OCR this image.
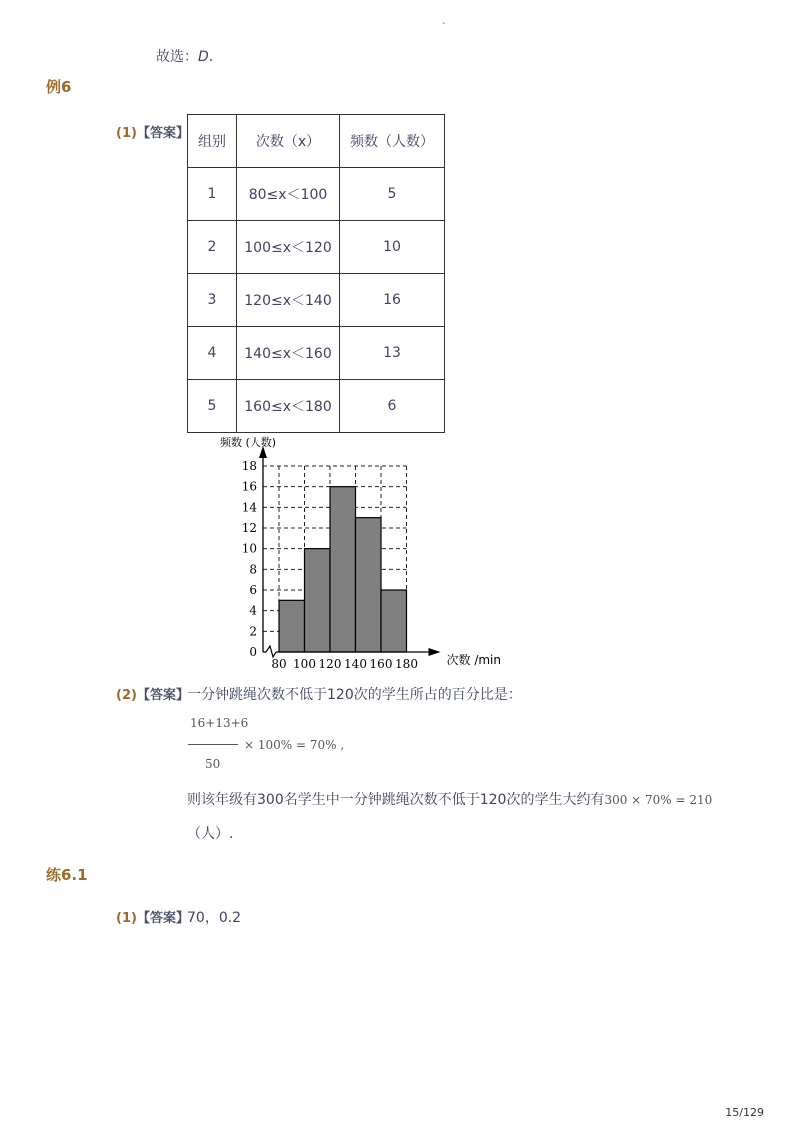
-
故选：D.
例6
(1)【答案】
组别	次数（x）	频数（人数）
1	80≤x＜100	5
2	100≤x＜120	10
3	120≤x＜140	16
4	140≤x＜160	13
5	160≤x＜180	6
0
2
4
6
8
10
12
14
16
18
80 100 120 140 160 180
频数 (人数)
次数 /min
(2)【答案】
一分钟跳绳次数不低于120次的学生所占的百分比是：
16+13+6
× 100% = 70% ,
50
则该年级有300名学生中一分钟跳绳次数不低于120次的学生大约有300 × 70% = 210
（人）.
练6.1
(1)【答案】
70，0.2
15/129
